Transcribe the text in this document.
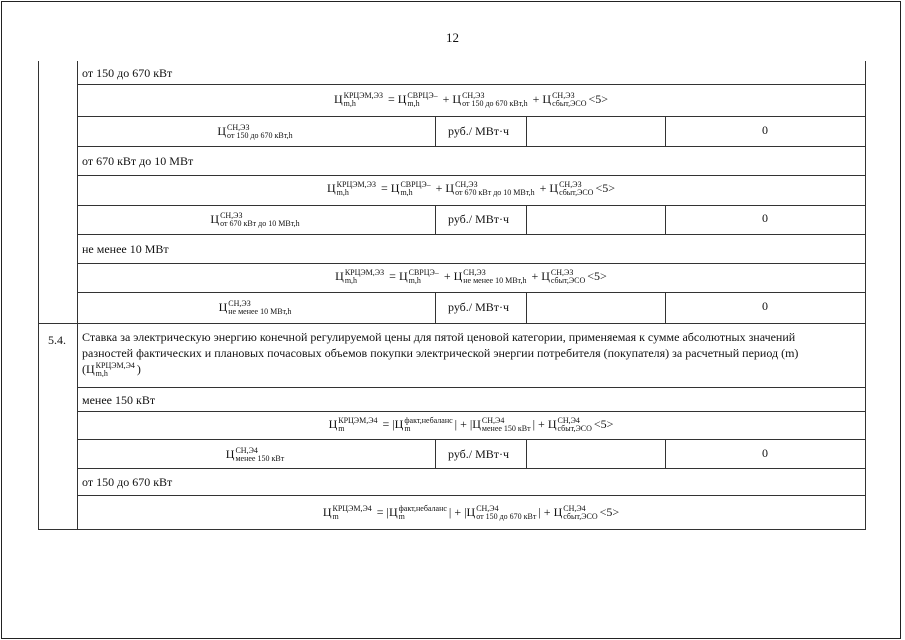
12
от 150 до 670 кВт
Ц КРЦЭМ,ЭЗ
m,h	= Ц СВРЦЭ–
m,h	+ Ц СН,ЭЗ
от 150 до 670 кВт,h + Ц СН,ЭЗ
сбыт,ЭСО <5>
Ц СН,ЭЗ
от 150 до 670 кВт,h	руб./ МВт·ч	0
от 670 кВт до 10 МВт
Ц КРЦЭМ,ЭЗ
m,h	= Ц СВРЦЭ–
m,h	+ Ц СН,ЭЗ
от 670 кВт до 10 МВт,h + Ц СН,ЭЗ
сбыт,ЭСО <5>
Ц СН,ЭЗ
от 670 кВт до 10 МВт,h	руб./ МВт·ч	0
не менее 10 МВт
Ц КРЦЭМ,ЭЗ
m,h	= Ц СВРЦЭ–
m,h	+ Ц СН,ЭЗ
не менее 10 МВт,h + Ц СН,ЭЗ
сбыт,ЭСО <5>
Ц СН,ЭЗ
не менее 10 МВт,h	руб./ МВт·ч	0
5.4. Ставка за электрическую энергию конечной регулируемой цены для пятой ценовой категории, применяемая к сумме абсолютных значений
разностей фактических и плановых почасовых объемов покупки электрической энергии потребителя (покупателя) за расчетный период (m)
(Ц КРЦЭМ,Э4
m,h	)
менее 150 кВт
Ц КРЦЭМ,Э4
m	= |Ц факт,небаланс
m	| + |Ц СН,Э4
менее 150 кВт | + Ц СН,Э4
сбыт,ЭСО <5>
Ц СН,Э4
менее 150 кВт	руб./ МВт·ч	0
от 150 до 670 кВт
Ц КРЦЭМ,Э4
m	= |Ц факт,небаланс
m	| + |Ц СН,Э4
от 150 до 670 кВт | + Ц СН,Э4
сбыт,ЭСО <5>
